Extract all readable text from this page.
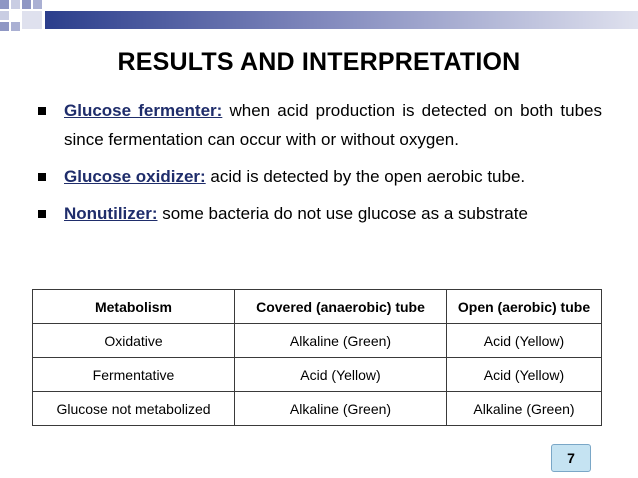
RESULTS AND INTERPRETATION
Glucose fermenter: when acid production is detected on both tubes since fermentation can occur with or without oxygen.
Glucose oxidizer: acid is detected by the open aerobic tube.
Nonutilizer: some bacteria do not use glucose as a substrate
Metabolism	Covered (anaerobic) tube	Open (aerobic) tube
Oxidative	Alkaline (Green)	Acid (Yellow)
Fermentative	Acid (Yellow)	Acid (Yellow)
Glucose not metabolized	Alkaline (Green)	Alkaline (Green)
7
